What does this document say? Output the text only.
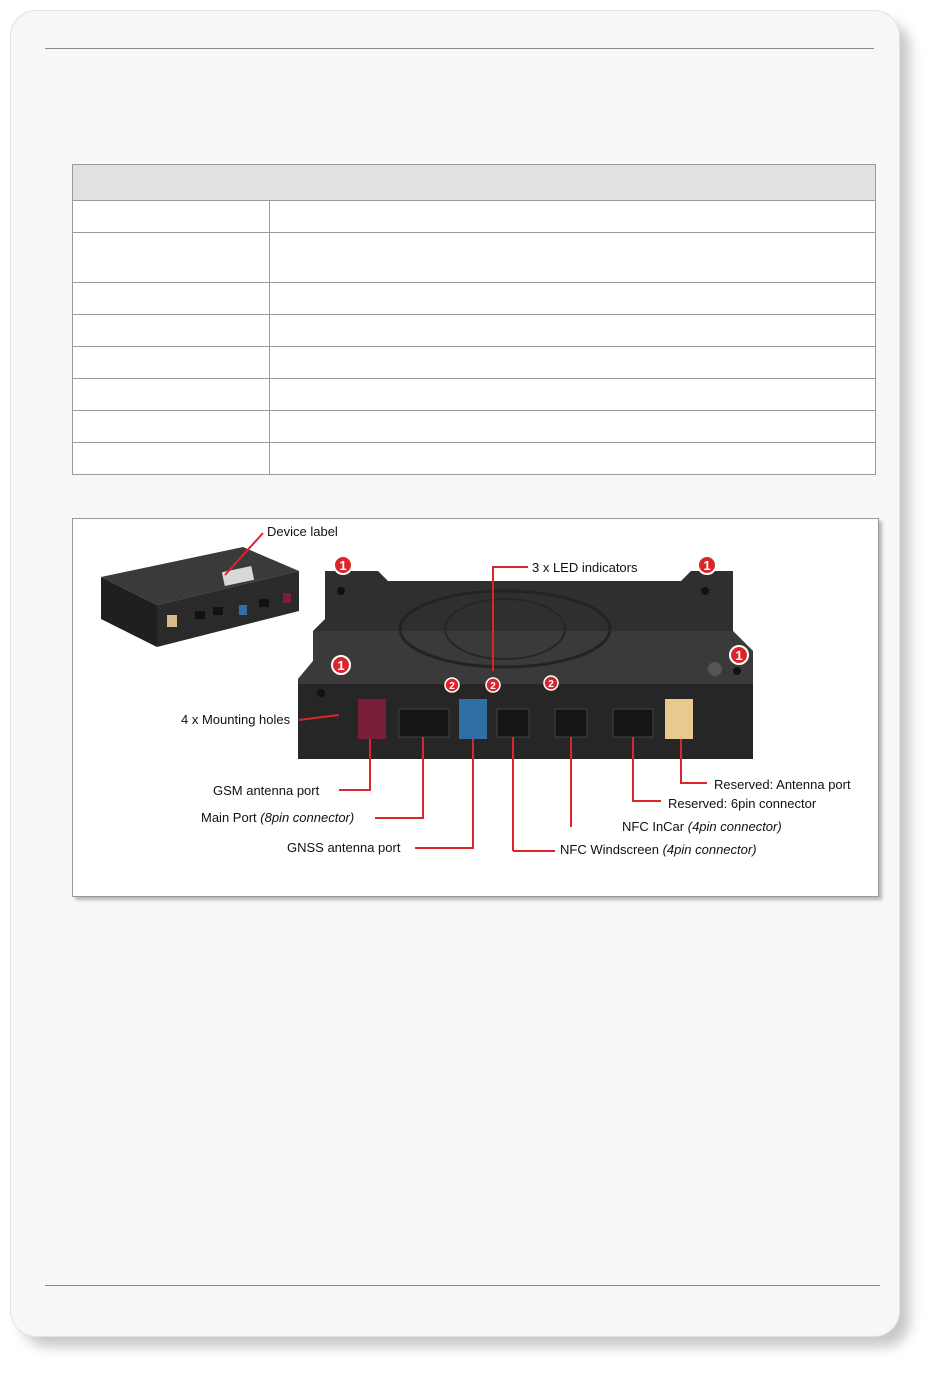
1	1
1
1
2	2	2
Device label
3 x LED indicators
4 x Mounting holes
GSM antenna port
Main Port (8pin connector)
GNSS antenna port	NFC Windscreen (4pin connector)
NFC InCar (4pin connector)
Reserved: 6pin connector
Reserved: Antenna port
